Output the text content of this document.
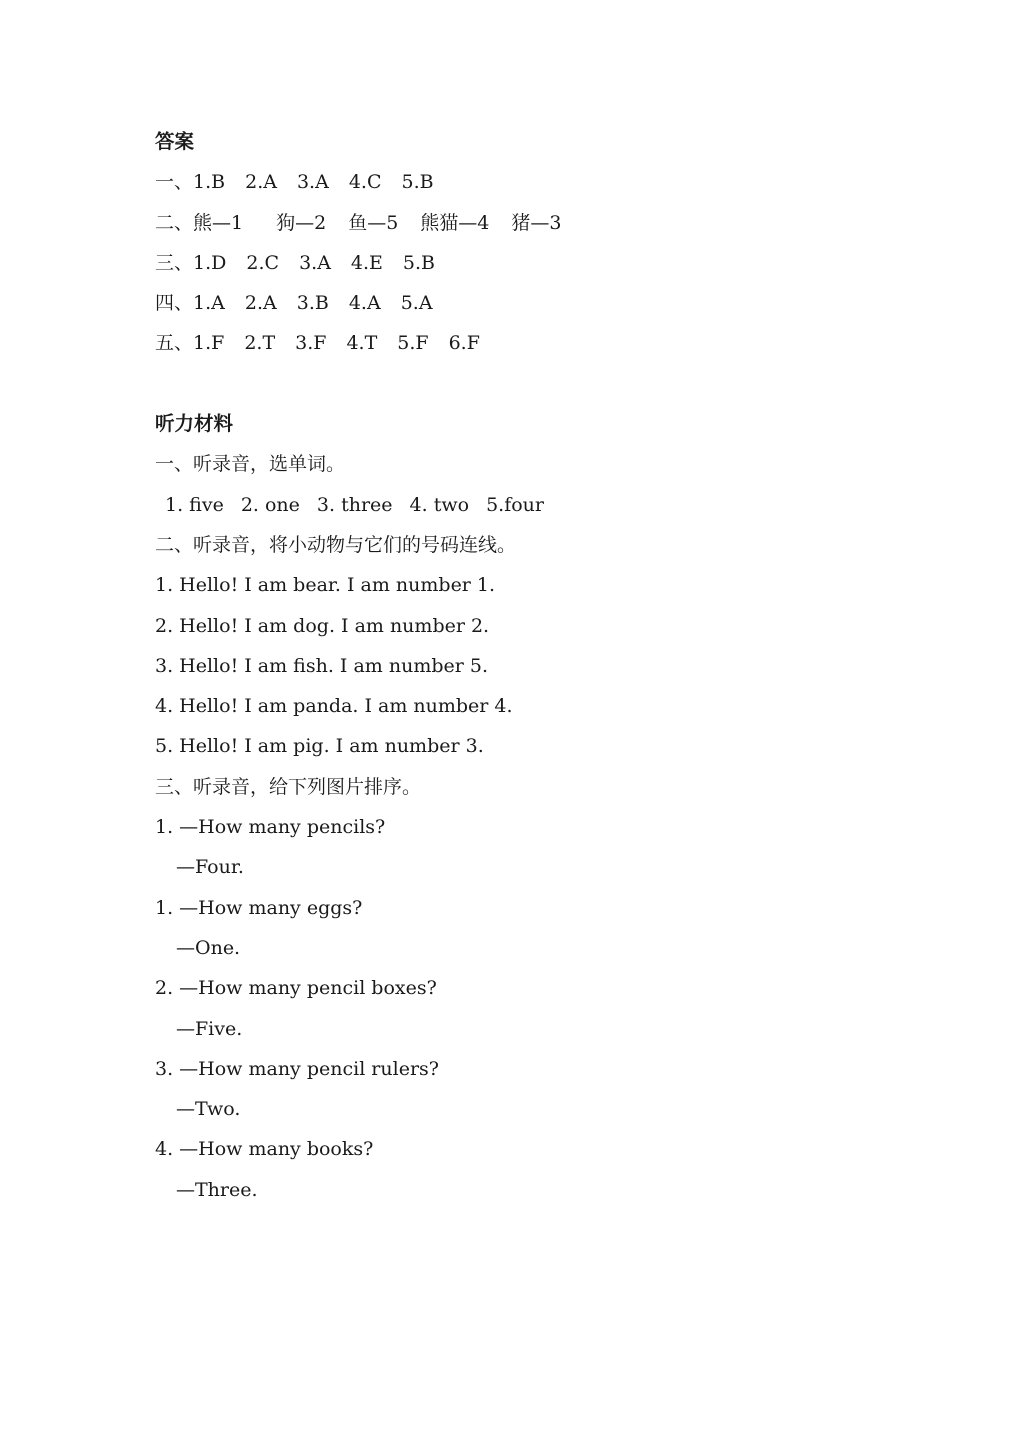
答案
一、1.B 2.A 3.A 4.C 5.B
二、熊—1 狗—2 鱼—5 熊猫—4 猪—3
三、1.D 2.C 3.A 4.E 5.B
四、1.A 2.A 3.B 4.A 5.A
五、1.F 2.T 3.F 4.T 5.F 6.F
听力材料
一、听录音，选单词。
1. five 2. one 3. three 4. two 5.four
二、听录音，将小动物与它们的号码连线。
1. Hello! I am bear. I am number 1.
2. Hello! I am dog. I am number 2.
3. Hello! I am fish. I am number 5.
4. Hello! I am panda. I am number 4.
5. Hello! I am pig. I am number 3.
三、听录音，给下列图片排序。
1. —How many pencils?
—Four.
1. —How many eggs?
—One.
2. —How many pencil boxes?
—Five.
3. —How many pencil rulers?
—Two.
4. —How many books?
—Three.
